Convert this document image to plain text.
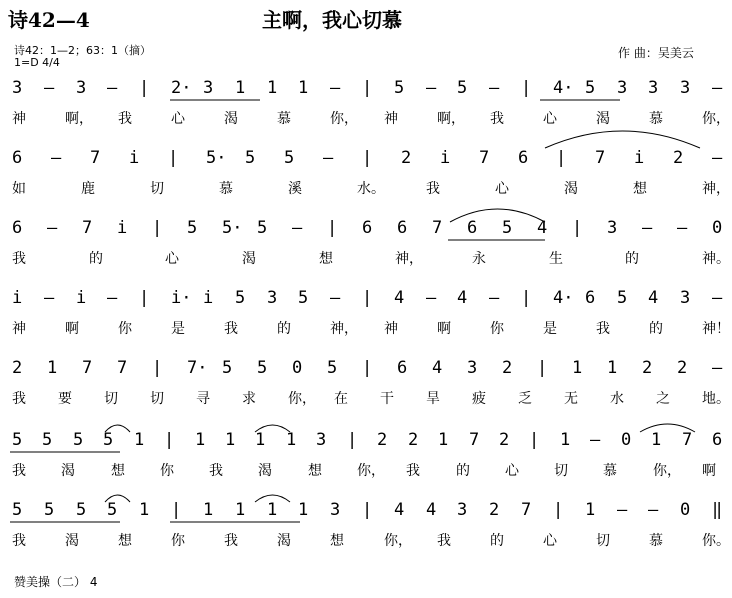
诗42—4	主啊，我心切慕
诗42：1—2；63：1（摘）
1=D 4/4
作 曲：吴美云
3 – 3 – | 2· 3 1 1 1 – | 5 – 5 – | 4· 5 3 3 3 –
神	啊， 我	心	渴	慕	你， 神	啊， 我	心	渴	慕	你，
6 – 7 i | 5· 5 5 – | 2 i 7 6 | 7 i 2 –
如	鹿	切	慕	溪	水。	我	心	渴	想	神，
6 – 7 i | 5 5· 5 – | 6 6 7 6 5 4 | 3 – – 0
我	的	心	渴	想	神，	永	生	的	神。
i – i – | i· i 5 3 5 – | 4 – 4 – | 4· 6 5 4 3 –
神	啊	你	是	我	的	神， 神	啊	你	是	我	的	神！
2 1 7 7 | 7· 5 5 0 5 | 6 4 3 2 | 1 1 2 2 –
我 要 切 切 寻 求 你， 在 干 旱 疲 乏 无 水 之 地。
5 5 5 5 1 | 1 1 1 1 3 | 2 2 1 7 2 | 1 – 0 1 7 6
我	渴	想	你	我	渴	想	你， 我	的	心	切	慕	你， 啊
5 5 5 5 1 | 1 1 1 1 3 | 4 4 3 2 7 | 1 – – 0 ‖
我	渴	想	你	我	渴	想	你， 我	的	心	切	慕	你。
赞美操（二） 4
